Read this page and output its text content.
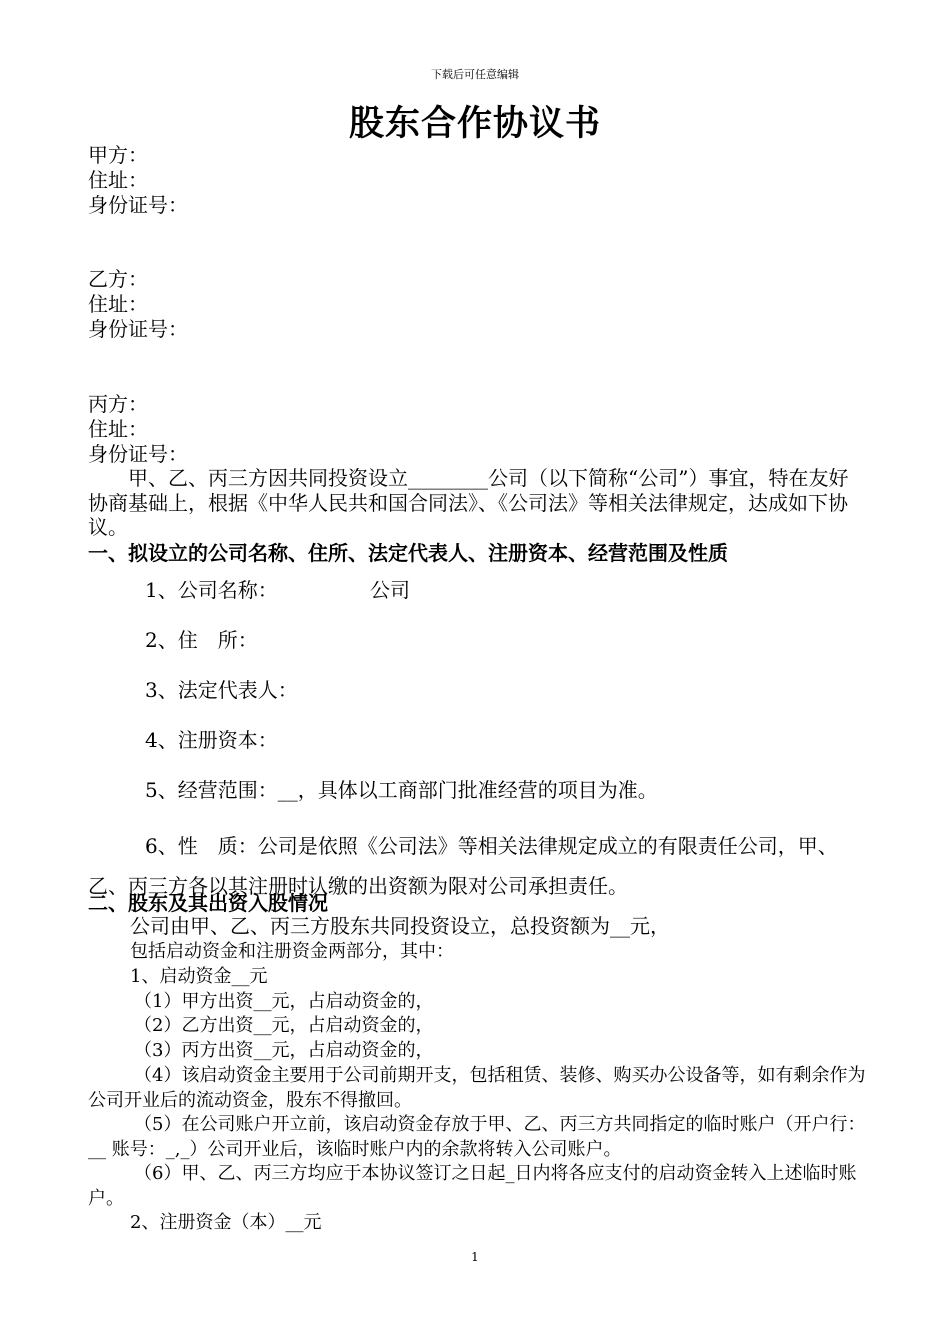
下载后可任意编辑
股东合作协议书
甲方：
住址：
身份证号：
乙方：
住址：
身份证号：
丙方：
住址：
身份证号：
　　甲、乙、丙三方因共同投资设立________公司（以下简称“公司”）事宜，特在友好协商基础上，根据《中华人民共和国合同法》、《公司法》等相关法律规定，达成如下协议。
一、拟设立的公司名称、住所、法定代表人、注册资本、经营范围及性质
1、公司名称：	公司
2、住　所：
3、法定代表人：
4、注册资本：
5、经营范围：__，具体以工商部门批准经营的项目为准。
6、性　质：公司是依照《公司法》等相关法律规定成立的有限责任公司，甲、乙、丙三方各以其注册时认缴的出资额为限对公司承担责任。
二、股东及其出资入股情况
公司由甲、乙、丙三方股东共同投资设立，总投资额为__元，
包括启动资金和注册资金两部分，其中：
1、启动资金__元
（1）甲方出资__元，占启动资金的，
（2）乙方出资__元，占启动资金的，
（3）丙方出资__元，占启动资金的，
（4）该启动资金主要用于公司前期开支，包括租赁、装修、购买办公设备等，如有剩余作为公司开业后的流动资金，股东不得撤回。
（5）在公司账户开立前，该启动资金存放于甲、乙、丙三方共同指定的临时账户（开户行：__ 账号：_,_）公司开业后，该临时账户内的余款将转入公司账户。
（6）甲、乙、丙三方均应于本协议签订之日起_日内将各应支付的启动资金转入上述临时账户。
2、注册资金（本）__元
1
